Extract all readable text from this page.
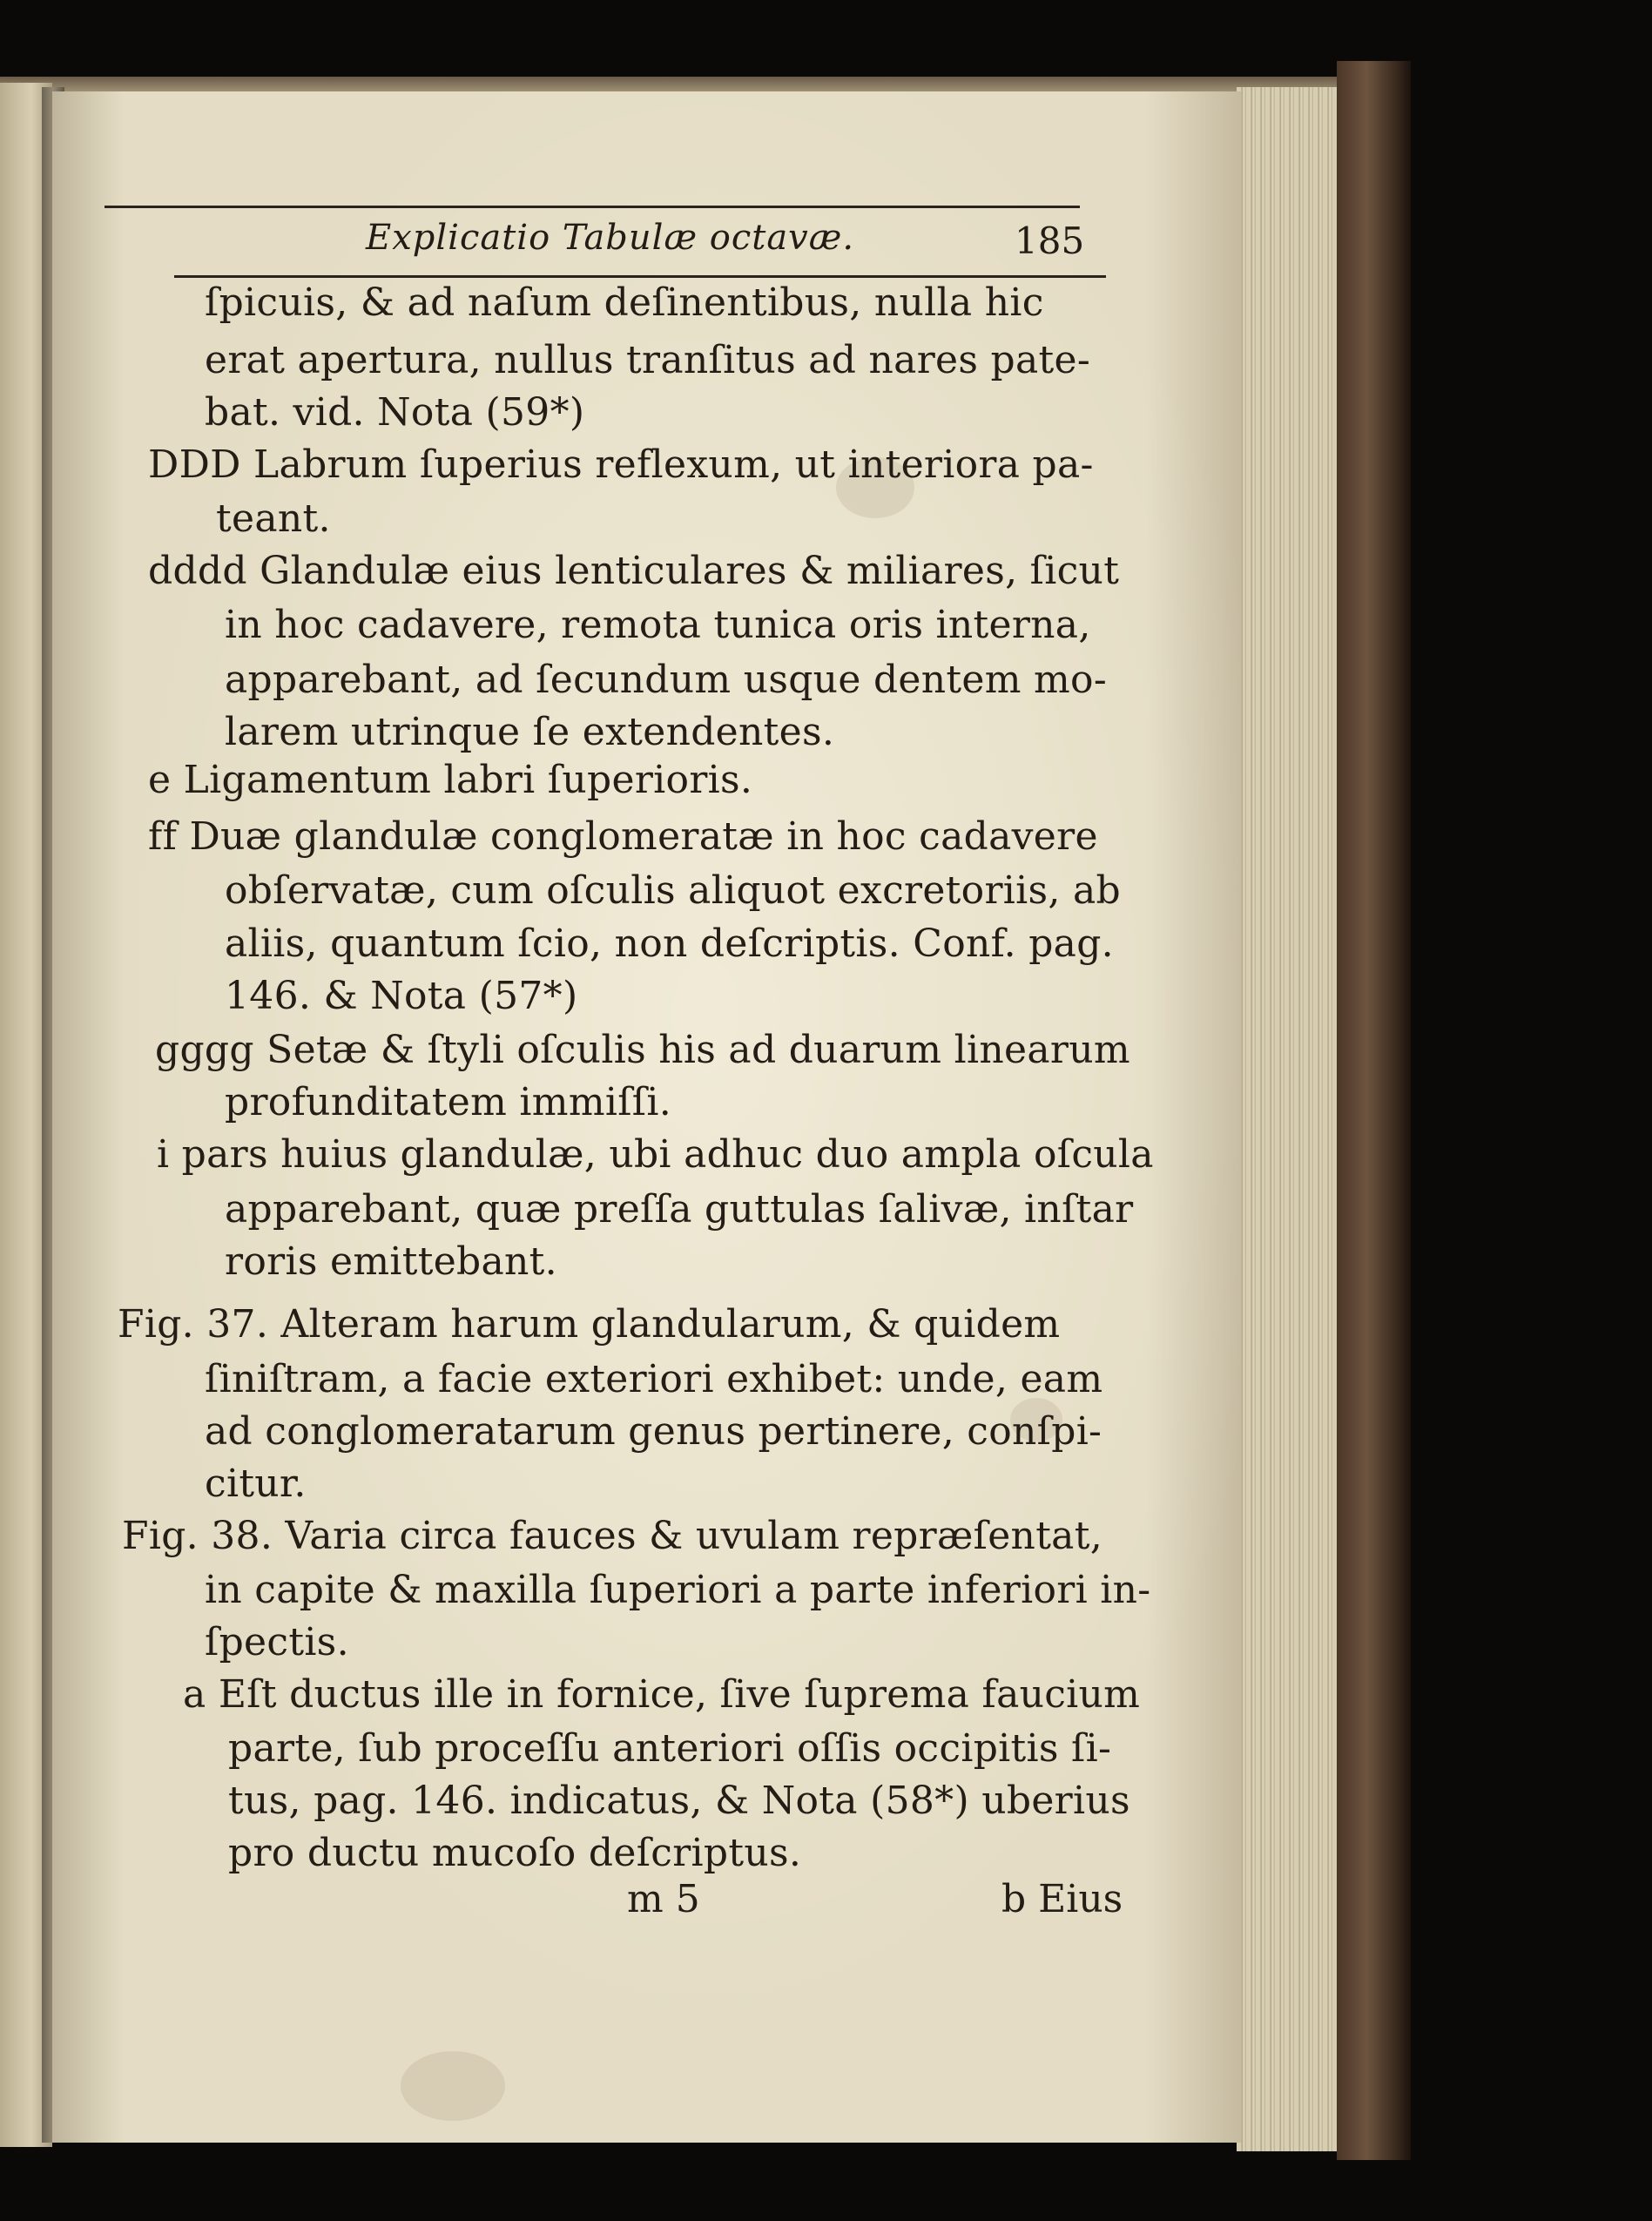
Explicatio Tabulæ octavæ.	185
ſpicuis, & ad naſum deſinentibus, nulla hic
erat apertura, nullus tranſitus ad nares pate-
bat. vid. Nota (59*)
DDD Labrum ſuperius reflexum, ut interiora pa-
teant.
dddd Glandulæ eius lenticulares & miliares, ſicut
in hoc cadavere, remota tunica oris interna,
apparebant, ad ſecundum usque dentem mo-
larem utrinque ſe extendentes.
e Ligamentum labri ſuperioris.
ff Duæ glandulæ conglomeratæ in hoc cadavere
obſervatæ, cum oſculis aliquot excretoriis, ab
aliis, quantum ſcio, non deſcriptis. Conf. pag.
146. & Nota (57*)
gggg Setæ & ſtyli oſculis his ad duarum linearum
profunditatem immiſſi.
i pars huius glandulæ, ubi adhuc duo ampla oſcula
apparebant, quæ preſſa guttulas ſalivæ, inſtar
roris emittebant.
Fig. 37. Alteram harum glandularum, & quidem
ſiniſtram, a facie exteriori exhibet: unde, eam
ad conglomeratarum genus pertinere, conſpi-
citur.
Fig. 38. Varia circa fauces & uvulam repræſentat,
in capite & maxilla ſuperiori a parte inferiori in-
ſpectis.
a Eſt ductus ille in fornice, ſive ſuprema faucium
parte, ſub proceſſu anteriori oſſis occipitis ſi-
tus, pag. 146. indicatus, & Nota (58*) uberius
pro ductu mucoſo deſcriptus.
m 5	b Eius
